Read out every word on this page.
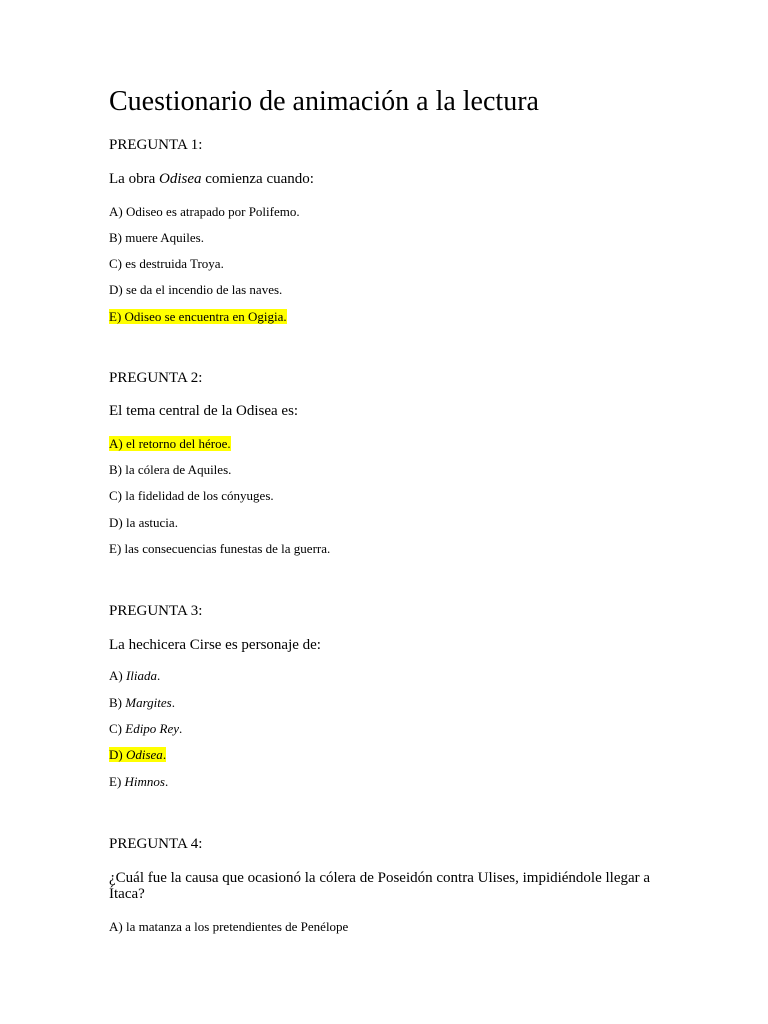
Cuestionario de animación a la lectura
PREGUNTA 1:
La obra Odisea comienza cuando:
A) Odiseo es atrapado por Polifemo.
B) muere Aquiles.
C) es destruida Troya.
D) se da el incendio de las naves.
E) Odiseo se encuentra en Ogigia.
PREGUNTA 2:
El tema central de la Odisea es:
A) el retorno del héroe.
B) la cólera de Aquiles.
C) la fidelidad de los cónyuges.
D) la astucia.
E) las consecuencias funestas de la guerra.
PREGUNTA 3:
La hechicera Cirse es personaje de:
A) Iliada.
B) Margites.
C) Edipo Rey.
D) Odisea.
E) Himnos.
PREGUNTA 4:
¿Cuál fue la causa que ocasionó la cólera de Poseidón contra Ulises, impidiéndole llegar a Ítaca?
A) la matanza a los pretendientes de Penélope
